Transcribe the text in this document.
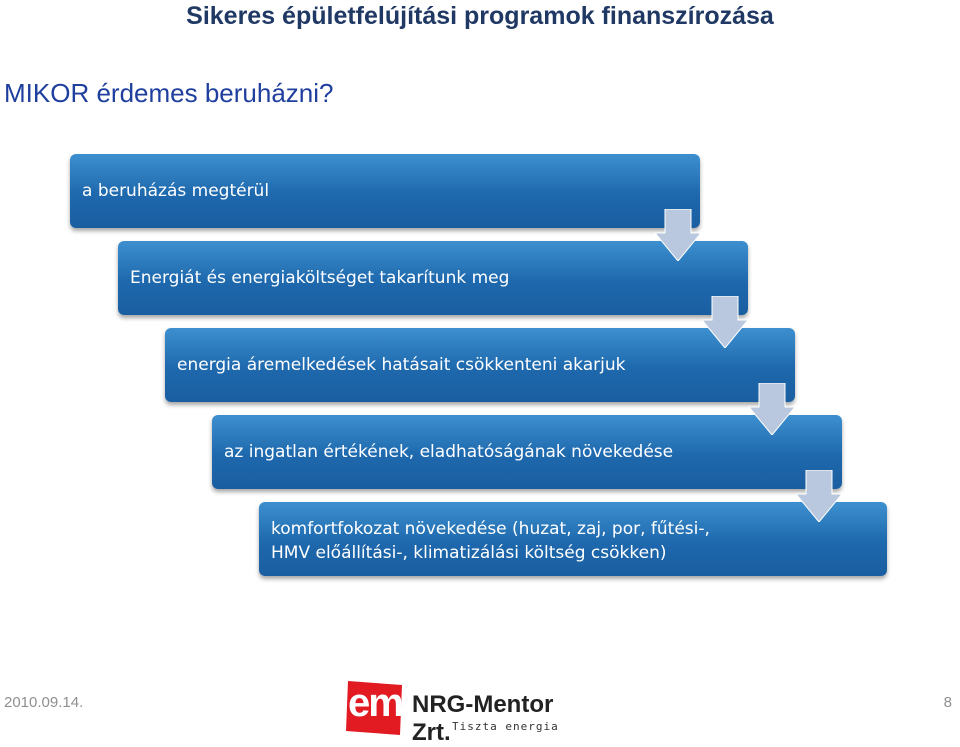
Sikeres épületfelújítási programok finanszírozása
MIKOR érdemes beruházni?
a beruházás megtérül
Energiát és energiaköltséget takarítunk meg
energia áremelkedések hatásait csökkenteni akarjuk
az ingatlan értékének, eladhatóságának növekedése
komfortfokozat növekedése (huzat, zaj, por, fűtési-,
HMV előállítási-, klimatizálási költség csökken)
2010.09.14.	em NRG-Mentor Zrt. Tiszta energia
8
